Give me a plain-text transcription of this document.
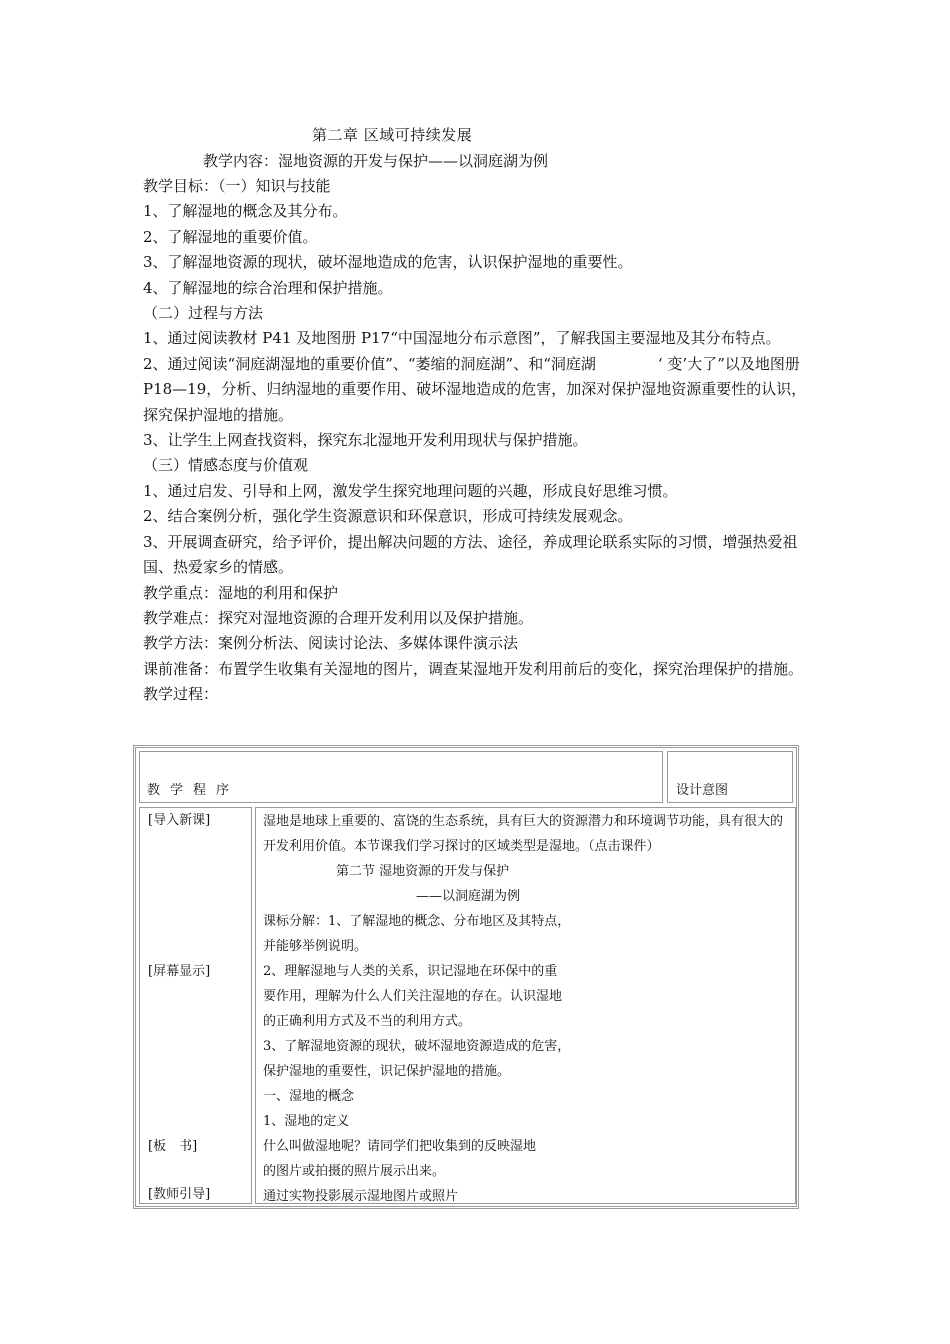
第二章 区域可持续发展
教学内容：湿地资源的开发与保护——以洞庭湖为例

教学目标：（一）知识与技能

1、了解湿地的概念及其分布。

2、了解湿地的重要价值。

3、了解湿地资源的现状，破坏湿地造成的危害，认识保护湿地的重要性。

4、了解湿地的综合治理和保护措施。

（二）过程与方法

1、通过阅读教材 P41 及地图册 P17“中国湿地分布示意图”，了解我国主要湿地及其分布特点。

2、通过阅读“洞庭湖湿地的重要价值”、“萎缩的洞庭湖”、和“洞庭湖	‘ 变’大了”以及地图册 P18—19，分析、归纳湿地的重要作用、破坏湿地造成的危害，加深对保护湿地资源重要性的认识，探究保护湿地的措施。

3、让学生上网查找资料，探究东北湿地开发利用现状与保护措施。

（三）情感态度与价值观

1、通过启发、引导和上网，激发学生探究地理问题的兴趣，形成良好思维习惯。

2、结合案例分析，强化学生资源意识和环保意识，形成可持续发展观念。

3、开展调查研究，给予评价，提出解决问题的方法、途径，养成理论联系实际的习惯，增强热爱祖国、热爱家乡的情感。

教学重点：湿地的利用和保护

教学难点：探究对湿地资源的合理开发利用以及保护措施。

教学方法：案例分析法、阅读讨论法、多媒体课件演示法

课前准备：布置学生收集有关湿地的图片，调查某湿地开发利用前后的变化，探究治理保护的措施。

教学过程：

教学程序	设计意图
[导入新课]
[屏幕显示]
[板　书]
[教师引导]

湿地是地球上重要的、富饶的生态系统，具有巨大的资源潜力和环境调节功能，具有很大的开发利用价值。本节课我们学习探讨的区域类型是湿地。（点击课件）

第二节 湿地资源的开发与保护

——以洞庭湖为例

课标分解：1、了解湿地的概念、分布地区及其特点，

并能够举例说明。

2、理解湿地与人类的关系，识记湿地在环保中的重

要作用，理解为什么人们关注湿地的存在。认识湿地

的正确利用方式及不当的利用方式。

3、了解湿地资源的现状，破坏湿地资源造成的危害，

保护湿地的重要性，识记保护湿地的措施。

一、湿地的概念

1、湿地的定义

什么叫做湿地呢？请同学们把收集到的反映湿地

的图片或拍摄的照片展示出来。

通过实物投影展示湿地图片或照片
